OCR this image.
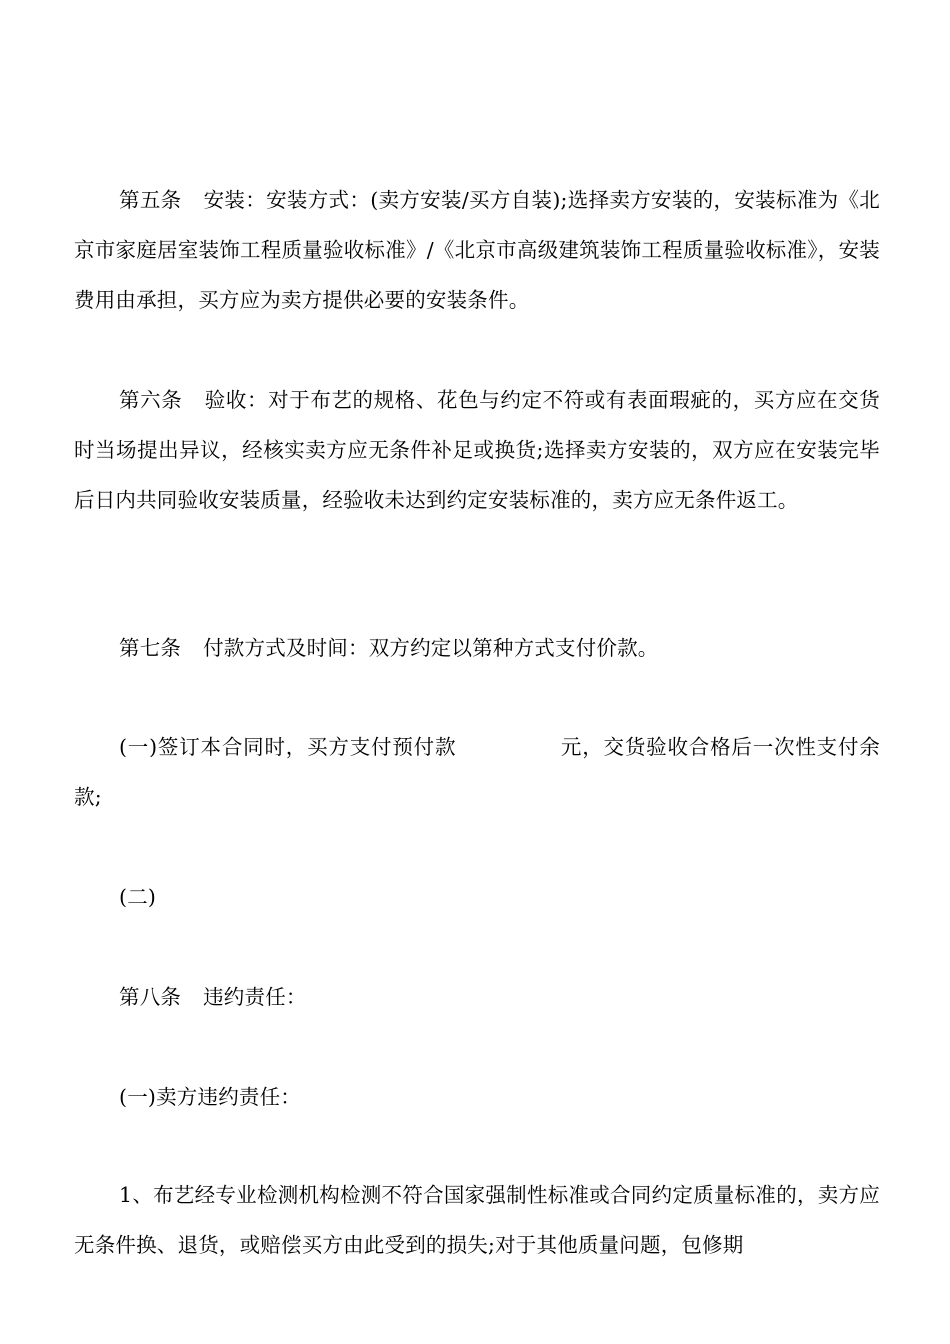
第五条 安装：安装方式：(卖方安装/买方自装);选择卖方安装的，安装标准为《北京市家庭居室装饰工程质量验收标准》/《北京市高级建筑装饰工程质量验收标准》，安装费用由承担，买方应为卖方提供必要的安装条件。

第六条 验收：对于布艺的规格、花色与约定不符或有表面瑕疵的，买方应在交货时当场提出异议，经核实卖方应无条件补足或换货;选择卖方安装的，双方应在安装完毕后日内共同验收安装质量，经验收未达到约定安装标准的，卖方应无条件返工。

第七条 付款方式及时间：双方约定以第种方式支付价款。

(一)签订本合同时，买方支付预付款	元，交货验收合格后一次性支付余款;

(二)

第八条 违约责任：

(一)卖方违约责任：

1、布艺经专业检测机构检测不符合国家强制性标准或合同约定质量标准的，卖方应无条件换、退货，或赔偿买方由此受到的损失;对于其他质量问题，包修期
